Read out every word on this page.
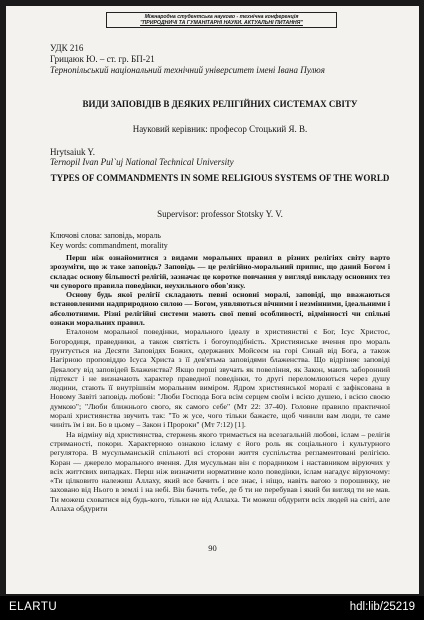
Міжнародна студентська науково - технічна конференція
"ПРИРОДНИЧІ ТА ГУМАНІТАРНІ НАУКИ. АКТУАЛЬНІ ПИТАННЯ"
УДК 216
Грицаюк Ю. – ст. гр. БП-21
Тернопільський національний технічний університет імені Івана Пулюя
ВИДИ ЗАПОВІДІВ В ДЕЯКИХ РЕЛІГІЙНИХ СИСТЕМАХ СВІТУ
Науковий керівник: професор Стоцький Я. В.
Hrytsaiuk Y.
Ternopil Ivan Pul`uj National Technical University
TYPES OF COMMANDMENTS IN SOME RELIGIOUS SYSTEMS OF THE WORLD
Supervisor: professor Stotsky Y. V.
Ключові слова: заповідь, мораль
Key words: commandment, morality

Перш ніж ознайомитися з видами моральних правил в різних релігіях світу варто зрозуміти, що ж таке заповідь? Заповідь — це релігійно-моральний припис, що даний Богом і складає основу більшості релігій, зазначає це коротке повчання у вигляді викладу основних тез чи суворого правила поведінки, неухильного обов'язку.

Основу будь якої релігії складають певні основні моралі, заповіді, що вважаються встановленими надприродною силою — Богом, уявляються вічними і незмінними, ідеальними і абсолютними. Різні релігійні системи мають свої певні особливості, відмінності чи спільні ознаки моральних правил.

Еталоном моральної поведінки, морального ідеалу в християнстві є Бог, Ісус Христос, Богородиця, праведники, а також святість і богоуподібність. Християнське вчення про мораль ґрунтується на Десяти Заповідях Божих, одержаних Мойсеєм на горі Синай від Бога, а також Нагірною проповіддю Ісуса Христа з її дев'ятьма заповідями блаженства. Що відрізняє заповіді Декалогу від заповідей Блаженства? Якщо перші звучать як повеління, як Закон, мають заборонний підтекст і не визначають характер праведної поведінки, то другі переломлюються через душу людини, стають її внутрішнім моральним виміром. Ядром християнської моралі є зафіксована в Новому Завіті заповідь любові: "Люби Господа Бога всім серцем своїм і всією душею, і всією своєю думкою"; "Люби ближнього свого, як самого себе" (Мт 22: 37-40). Головне правило практичної моралі християнства звучить так: "То ж усе, чого тільки бажаєте, щоб чинили вам люди, те саме чиніть їм і ви. Бо в цьому – Закон і Пророки" (Мт 7:12) [1].

На відміну від християнства, стержень якого тримається на всезагальній любові, іслам – релігія стриманості, покори. Характерною ознакою ісламу є його роль як соціального і культурного регулятора. В мусульманській спільноті всі сторони життя суспільства регламентовані релігією. Коран — джерело морального вчення. Для мусульман він є порадником і наставником віруючих у всіх життєвих випадках. Перш ніж визначити нормативне коло поведінки, іслам нагадує віруючому: «Ти цілковито належиш Аллаху, який все бачить і все знає, і ніщо, навіть вагою з порошинку, не заховано від Нього в землі і на небі. Він бачить тебе, де б ти не перебував і який би вигляд ти не мав. Ти можеш сховатися від будь-кого, тільки не від Аллаха. Ти можеш обдурити всіх людей на світі, але Аллаха обдурити

90
ELARTU	hdl:lib/25219
